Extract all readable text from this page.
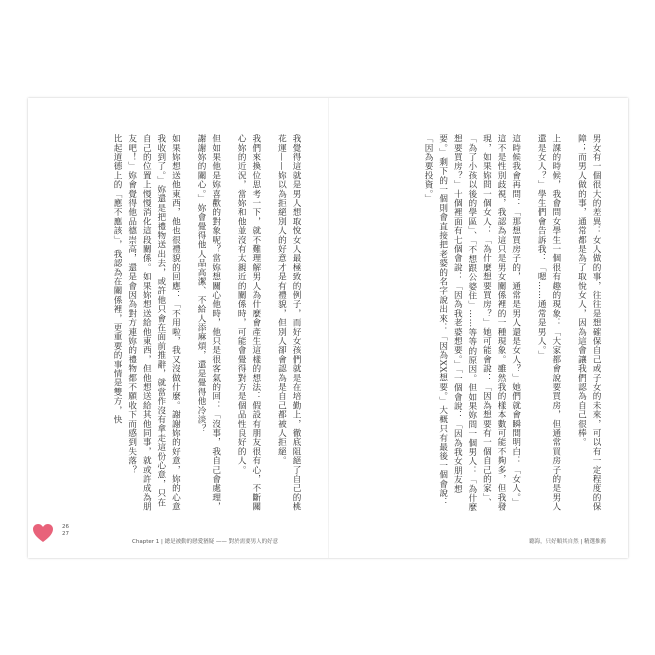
我覺得這就是男人想取悅女人最極致的例子，而好女孩們就是在培勤上，徹底阻絕了自己的桃花運——妳以為拒絕別人的好意才是有禮貌，但別人卻會認為是自己都被人拒絕。

我們來換位思考一下，就不難理解男人為什麼會產生這樣的想法：假設有朋友很有心，不斷關心妳的近況，當妳和他並沒有太親近的關係時，可能會覺得對方是個品性良好的人。

但如果他是妳喜歡的對象呢？當妳想關心他時，他只是很客氣的回：「沒事，我自己會處理，謝謝妳的關心。」妳會覺得他人品高潔、不給人添麻煩，還是覺得他冷淡？

如果妳想送他東西，他也很禮貌的回應：「不用啦，我又沒做什麼。謝謝妳的好意，妳的心意我收到了。」妳還是把禮物送出去，或許他只會在面前推辭，就當作沒有拿走這份心意，只在自己的位置上慢慢消化這段關係。如果妳想送給他東西，但他想送給其他同事，就或許成為朋友吧！」妳會覺得他品德崇高，還是會因為對方連妳的禮物都不願收下而感到失落？

比起道德上的「應不應該」，我認為在關係裡，更重要的事情是雙方，快

26
27
Chapter 1 | 總是被動的戀愛猶疑 —— 對於需要男人的好意

男女有一個很大的差異：女人做的事，往往是想確保自己或子女的未來，可以有一定程度的保障；而男人做的事，通常都是為了取悅女人，因為這會讓我們認為自己很棒。

上課的時候，我會問女學生一個很有趣的現象：「大家都會說要買房，但通常買房子的是男人還是女人？」學生們會告訴我：「嗯……通常是男人。」

這時候我會再問：「那想買房子的，通常是男人還是女人？」她們就會瞬間明白：「女人。」

這不是性別歧視，我認為這只是男女關係裡的一種現象。雖然我的樣本數可能不夠多，但我發現，如果妳問一個女人：「為什麼想要買房？」她可能會說：「因為想要有一個自己的家」、「為了小孩以後的學區」、「不想跟公婆住」……等等的原因。但如果妳問一個男人：「為什麼想要買房？」十個裡面有七個會說：「因為我老婆想要。」「一個會說：「因為我女朋友想要。」剩下的一個則會直接把老婆的名字說出來：「因為XX想要。」大概只有最後一個會說：「因為要投資。」

聽海，只好順其自然 | 精選推薦
